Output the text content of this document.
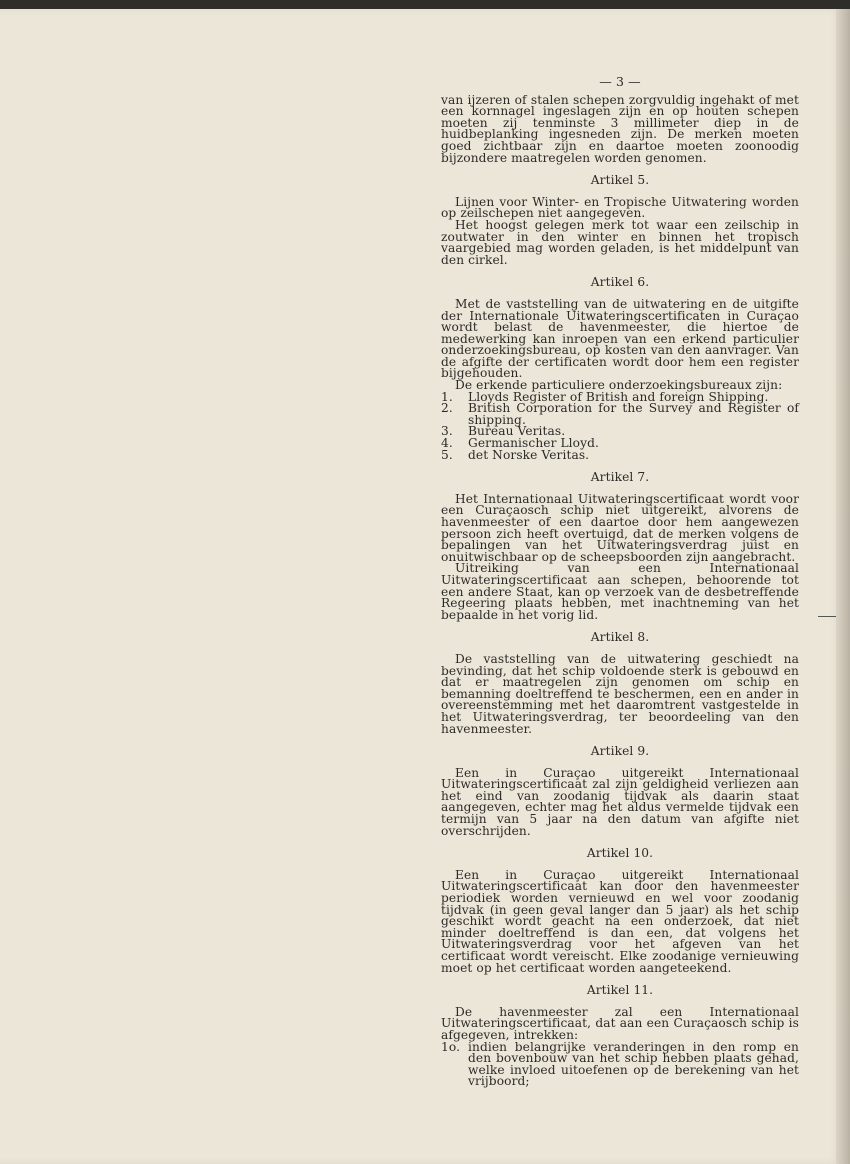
— 3 —

van ijzeren of stalen schepen zorgvuldig ingehakt of met een kornnagel ingeslagen zijn en op houten schepen moeten zij tenminste 3 millimeter diep in de huidbeplanking ingesneden zijn. De merken moeten goed zichtbaar zijn en daartoe moeten zoonoodig bijzondere maatregelen worden genomen.

Artikel 5.

Lijnen voor Winter- en Tropische Uitwatering worden op zeilschepen niet aangegeven.

Het hoogst gelegen merk tot waar een zeilschip in zoutwater in den winter en binnen het tropisch vaargebied mag worden geladen, is het middelpunt van den cirkel.

Artikel 6.

Met de vaststelling van de uitwatering en de uitgifte der Internationale Uitwateringscertificaten in Curaçao wordt belast de havenmeester, die hiertoe de medewerking kan inroepen van een erkend particulier onderzoekingsbureau, op kosten van den aanvrager. Van de afgifte der certificaten wordt door hem een register bijgehouden.

De erkende particuliere onderzoekingsbureaux zijn:

1.	Lloyds Register of British and foreign Shipping.
2.	British Corporation for the Survey and Register of shipping.
3.	Bureau Veritas.
4.	Germanischer Lloyd.
5.	det Norske Veritas.
Artikel 7.

Het Internationaal Uitwateringscertificaat wordt voor een Curaçaosch schip niet uitgereikt, alvorens de havenmeester of een daartoe door hem aangewezen persoon zich heeft overtuigd, dat de merken volgens de bepalingen van het Uitwateringsverdrag juist en onuitwischbaar op de scheepsboorden zijn aangebracht.

Uitreiking van een Internationaal Uitwateringscertificaat aan schepen, behoorende tot een andere Staat, kan op verzoek van de desbetreffende Regeering plaats hebben, met inachtneming van het bepaalde in het vorig lid.

Artikel 8.

De vaststelling van de uitwatering geschiedt na bevinding, dat het schip voldoende sterk is gebouwd en dat er maatregelen zijn genomen om schip en bemanning doeltreffend te beschermen, een en ander in overeenstemming met het daaromtrent vastgestelde in het Uitwateringsverdrag, ter beoordeeling van den havenmeester.

Artikel 9.

Een in Curaçao uitgereikt Internationaal Uitwateringscertificaat zal zijn geldigheid verliezen aan het eind van zoodanig tijdvak als daarin staat aangegeven, echter mag het aldus vermelde tijdvak een termijn van 5 jaar na den datum van afgifte niet overschrijden.

Artikel 10.

Een in Curaçao uitgereikt Internationaal Uitwateringscertificaat kan door den havenmeester periodiek worden vernieuwd en wel voor zoodanig tijdvak (in geen geval langer dan 5 jaar) als het schip geschikt wordt geacht na een onderzoek, dat niet minder doeltreffend is dan een, dat volgens het Uitwateringsverdrag voor het afgeven van het certificaat wordt vereischt. Elke zoodanige vernieuwing moet op het certificaat worden aangeteekend.

Artikel 11.

De havenmeester zal een Internationaal Uitwateringscertificaat, dat aan een Curaçaosch schip is afgegeven, intrekken:

1o. indien belangrijke veranderingen in den romp en den bovenbouw van het schip hebben plaats gehad, welke invloed uitoefenen op de berekening van het vrijboord;
